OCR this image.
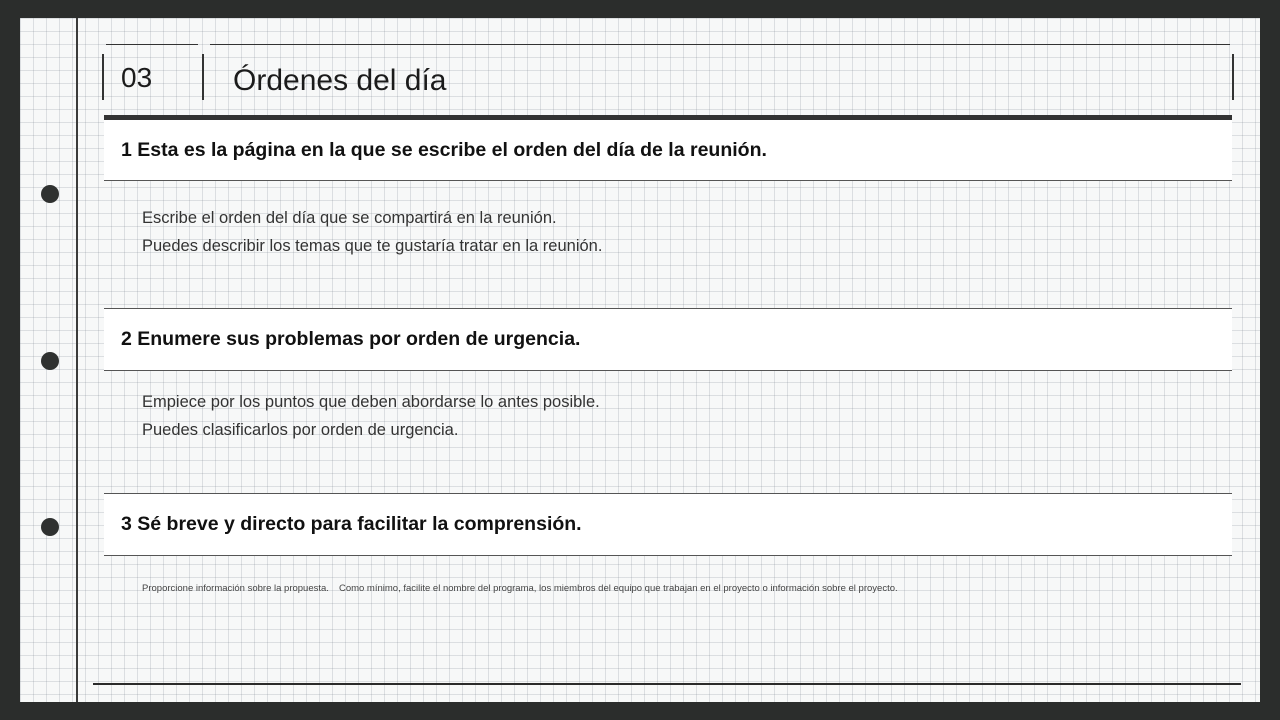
03	Órdenes del día
1 Esta es la página en la que se escribe el orden del día de la reunión.
Escribe el orden del día que se compartirá en la reunión.
Puedes describir los temas que te gustaría tratar en la reunión.
2 Enumere sus problemas por orden de urgencia.
Empiece por los puntos que deben abordarse lo antes posible.
Puedes clasificarlos por orden de urgencia.
3 Sé breve y directo para facilitar la comprensión.
Proporcione información sobre la propuesta. Como mínimo, facilite el nombre del programa, los miembros del equipo que trabajan en el proyecto o información sobre el proyecto.
